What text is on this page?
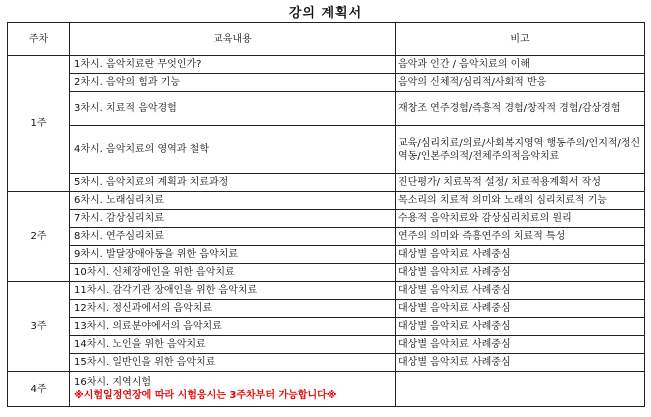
강의 계획서
주차	교육내용	비고
1주	1차시. 음악치료란 무엇인가?	음악과 인간 / 음악치료의 이해
	2차시. 음악의 힘과 기능	음악의 신체적/심리적/사회적 반응
	3차시. 치료적 음악경험	재창조 연주경험/즉흥적 경험/창작적 경험/감상경험
	4차시. 음악치료의 영역과 철학	교육/심리치료/의료/사회복지영역 행동주의/인지적/정신역동/인본주의적/전체주의적음악치료
	5차시. 음악치료의 계획과 치료과정	진단평가/ 치료목적 설정/ 치료적용계획서 작성
2주	6차시. 노래심리치료	목소리의 치료적 의미와 노래의 심리치료적 기능
	7차시. 감상심리치료	수용적 음악치료와 감상심리치료의 원리
	8차시. 연주심리치료	연주의 의미와 즉흥연주의 치료적 특성
	9차시. 발달장애아동을 위한 음악치료	대상별 음악치료 사례중심
	10차시. 신체장애인을 위한 음악치료	대상별 음악치료 사례중심
3주	11차시. 감각기관 장애인을 위한 음악치료	대상별 음악치료 사례중심
	12차시. 정신과에서의 음악치료	대상별 음악치료 사례중심
	13차시. 의료분야에서의 음악치료	대상별 음악치료 사례중심
	14차시. 노인을 위한 음악치료	대상별 음악치료 사례중심
	15차시. 일반인을 위한 음악치료	대상별 음악치료 사례중심
4주	16차시. 지역시험
※시험일정연장에 따라 시험응시는 3주차부터 가능합니다※	
